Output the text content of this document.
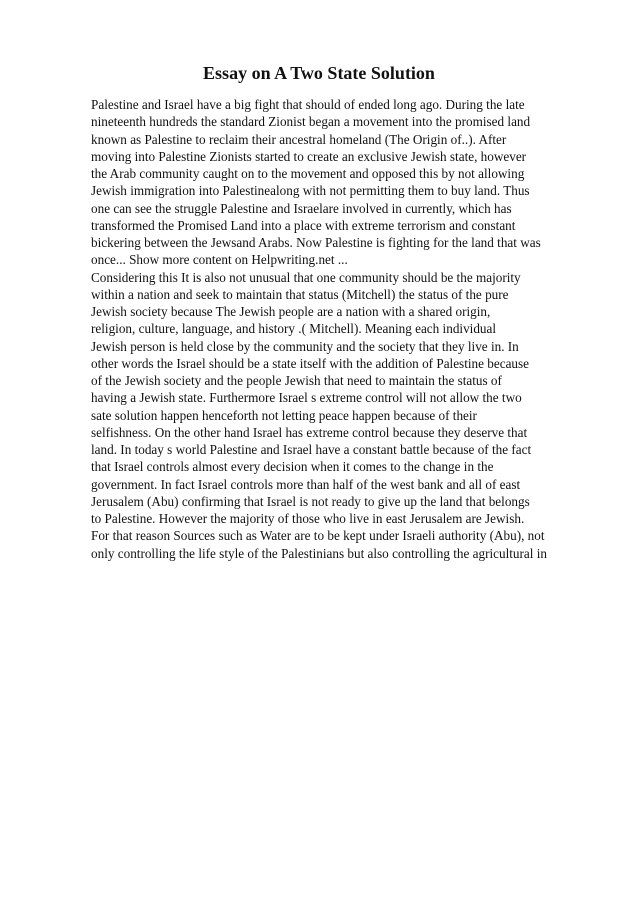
Essay on A Two State Solution
Palestine and Israel have a big fight that should of ended long ago. During the late
nineteenth hundreds the standard Zionist began a movement into the promised land
known as Palestine to reclaim their ancestral homeland (The Origin of..). After
moving into Palestine Zionists started to create an exclusive Jewish state, however
the Arab community caught on to the movement and opposed this by not allowing
Jewish immigration into Palestinealong with not permitting them to buy land. Thus
one can see the struggle Palestine and Israelare involved in currently, which has
transformed the Promised Land into a place with extreme terrorism and constant
bickering between the Jewsand Arabs. Now Palestine is fighting for the land that was
once... Show more content on Helpwriting.net ...
Considering this It is also not unusual that one community should be the majority
within a nation and seek to maintain that status (Mitchell) the status of the pure
Jewish society because The Jewish people are a nation with a shared origin,
religion, culture, language, and history .( Mitchell). Meaning each individual
Jewish person is held close by the community and the society that they live in. In
other words the Israel should be a state itself with the addition of Palestine because
of the Jewish society and the people Jewish that need to maintain the status of
having a Jewish state. Furthermore Israel s extreme control will not allow the two
sate solution happen henceforth not letting peace happen because of their
selfishness. On the other hand Israel has extreme control because they deserve that
land. In today s world Palestine and Israel have a constant battle because of the fact
that Israel controls almost every decision when it comes to the change in the
government. In fact Israel controls more than half of the west bank and all of east
Jerusalem (Abu) confirming that Israel is not ready to give up the land that belongs
to Palestine. However the majority of those who live in east Jerusalem are Jewish.
For that reason Sources such as Water are to be kept under Israeli authority (Abu), not
only controlling the life style of the Palestinians but also controlling the agricultural in
